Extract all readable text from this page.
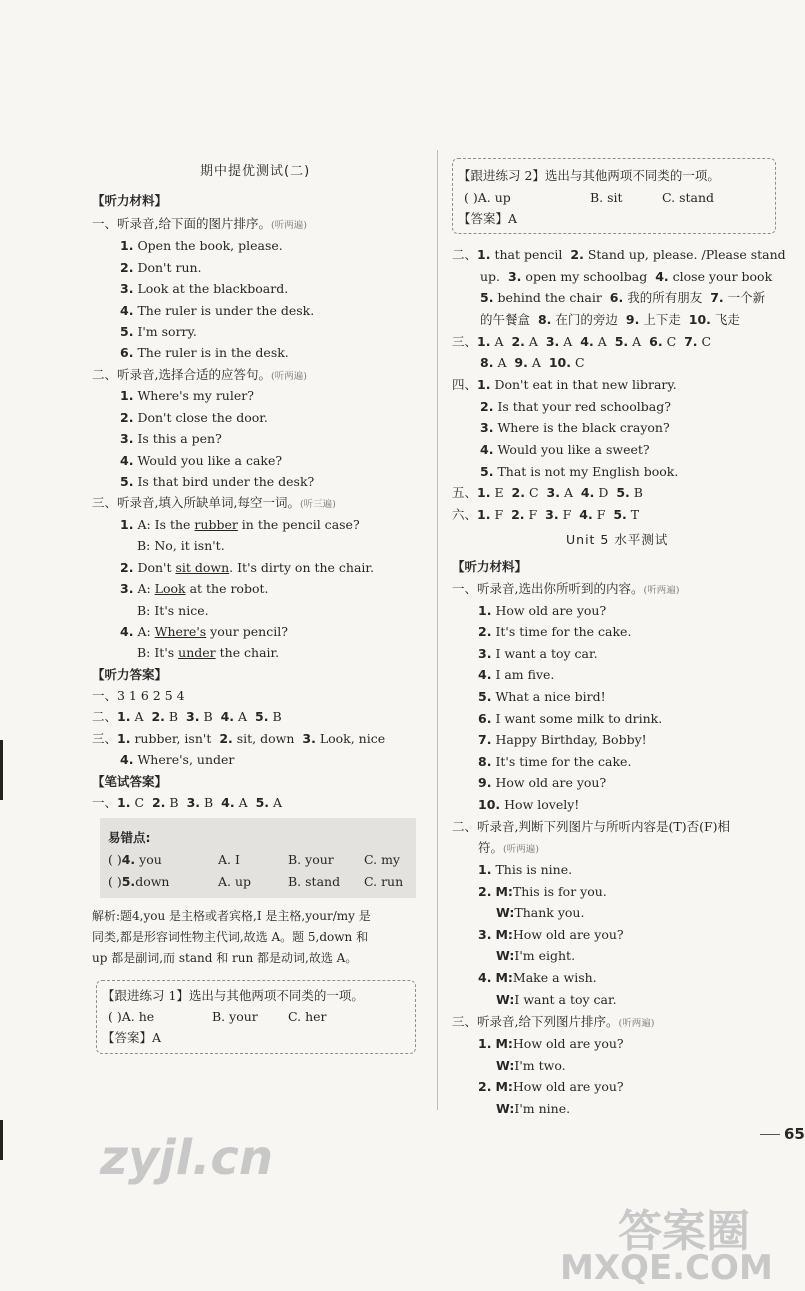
期中提优测试(二)
【听力材料】
一、听录音,给下面的图片排序。(听两遍)
1. Open the book, please.
2. Don't run.
3. Look at the blackboard.
4. The ruler is under the desk.
5. I'm sorry.
6. The ruler is in the desk.
二、听录音,选择合适的应答句。(听两遍)
1. Where's my ruler?
2. Don't close the door.
3. Is this a pen?
4. Would you like a cake?
5. Is that bird under the desk?
三、听录音,填入所缺单词,每空一词。(听三遍)
1. A: Is the rubber in the pencil case?
B: No, it isn't.
2. Don't sit down. It's dirty on the chair.
3. A: Look at the robot.
B: It's nice.
4. A: Where's your pencil?
B: It's under the chair.
【听力答案】
一、3 1 6 2 5 4
二、1. A 2. B 3. B 4. A 5. B
三、1. rubber, isn't 2. sit, down 3. Look, nice
4. Where's, under
【笔试答案】
一、1. C 2. B 3. B 4. A 5. A
易错点:
( )4. you	A. I	B. your C. my
( )5.down	A. up	B. stand C. run
解析:题4,you 是主格或者宾格,I 是主格,your/my 是
同类,都是形容词性物主代词,故选 A。题 5,down 和
up 都是副词,而 stand 和 run 都是动词,故选 A。
【跟进练习 1】选出与其他两项不同类的一项。
( )A. he	B. your C. her
【答案】A
【跟进练习 2】选出与其他两项不同类的一项。
( )A. up	B. sit	C. stand
【答案】A
二、1. that pencil 2. Stand up, please. /Please stand
up. 3. open my schoolbag 4. close your book
5. behind the chair 6. 我的所有朋友 7. 一个新
的午餐盒 8. 在门的旁边 9. 上下走 10. 飞走
三、1. A 2. A 3. A 4. A 5. A 6. C 7. C
8. A 9. A 10. C
四、1. Don't eat in that new library.
2. Is that your red schoolbag?
3. Where is the black crayon?
4. Would you like a sweet?
5. That is not my English book.
五、1. E 2. C 3. A 4. D 5. B
六、1. F 2. F 3. F 4. F 5. T
Unit 5 水平测试
【听力材料】
一、听录音,选出你所听到的内容。(听两遍)
1. How old are you?
2. It's time for the cake.
3. I want a toy car.
4. I am five.
5. What a nice bird!
6. I want some milk to drink.
7. Happy Birthday, Bobby!
8. It's time for the cake.
9. How old are you?
10. How lovely!
二、听录音,判断下列图片与所听内容是(T)否(F)相
符。(听两遍)
1. This is nine.
2. M:This is for you.
W:Thank you.
3. M:How old are you?
W:I'm eight.
4. M:Make a wish.
W:I want a toy car.
三、听录音,给下列图片排序。(听两遍)
1. M:How old are you?
W:I'm two.
2. M:How old are you?
W:I'm nine.
65
zyjl.cn
答案圈
MXQE.COM
